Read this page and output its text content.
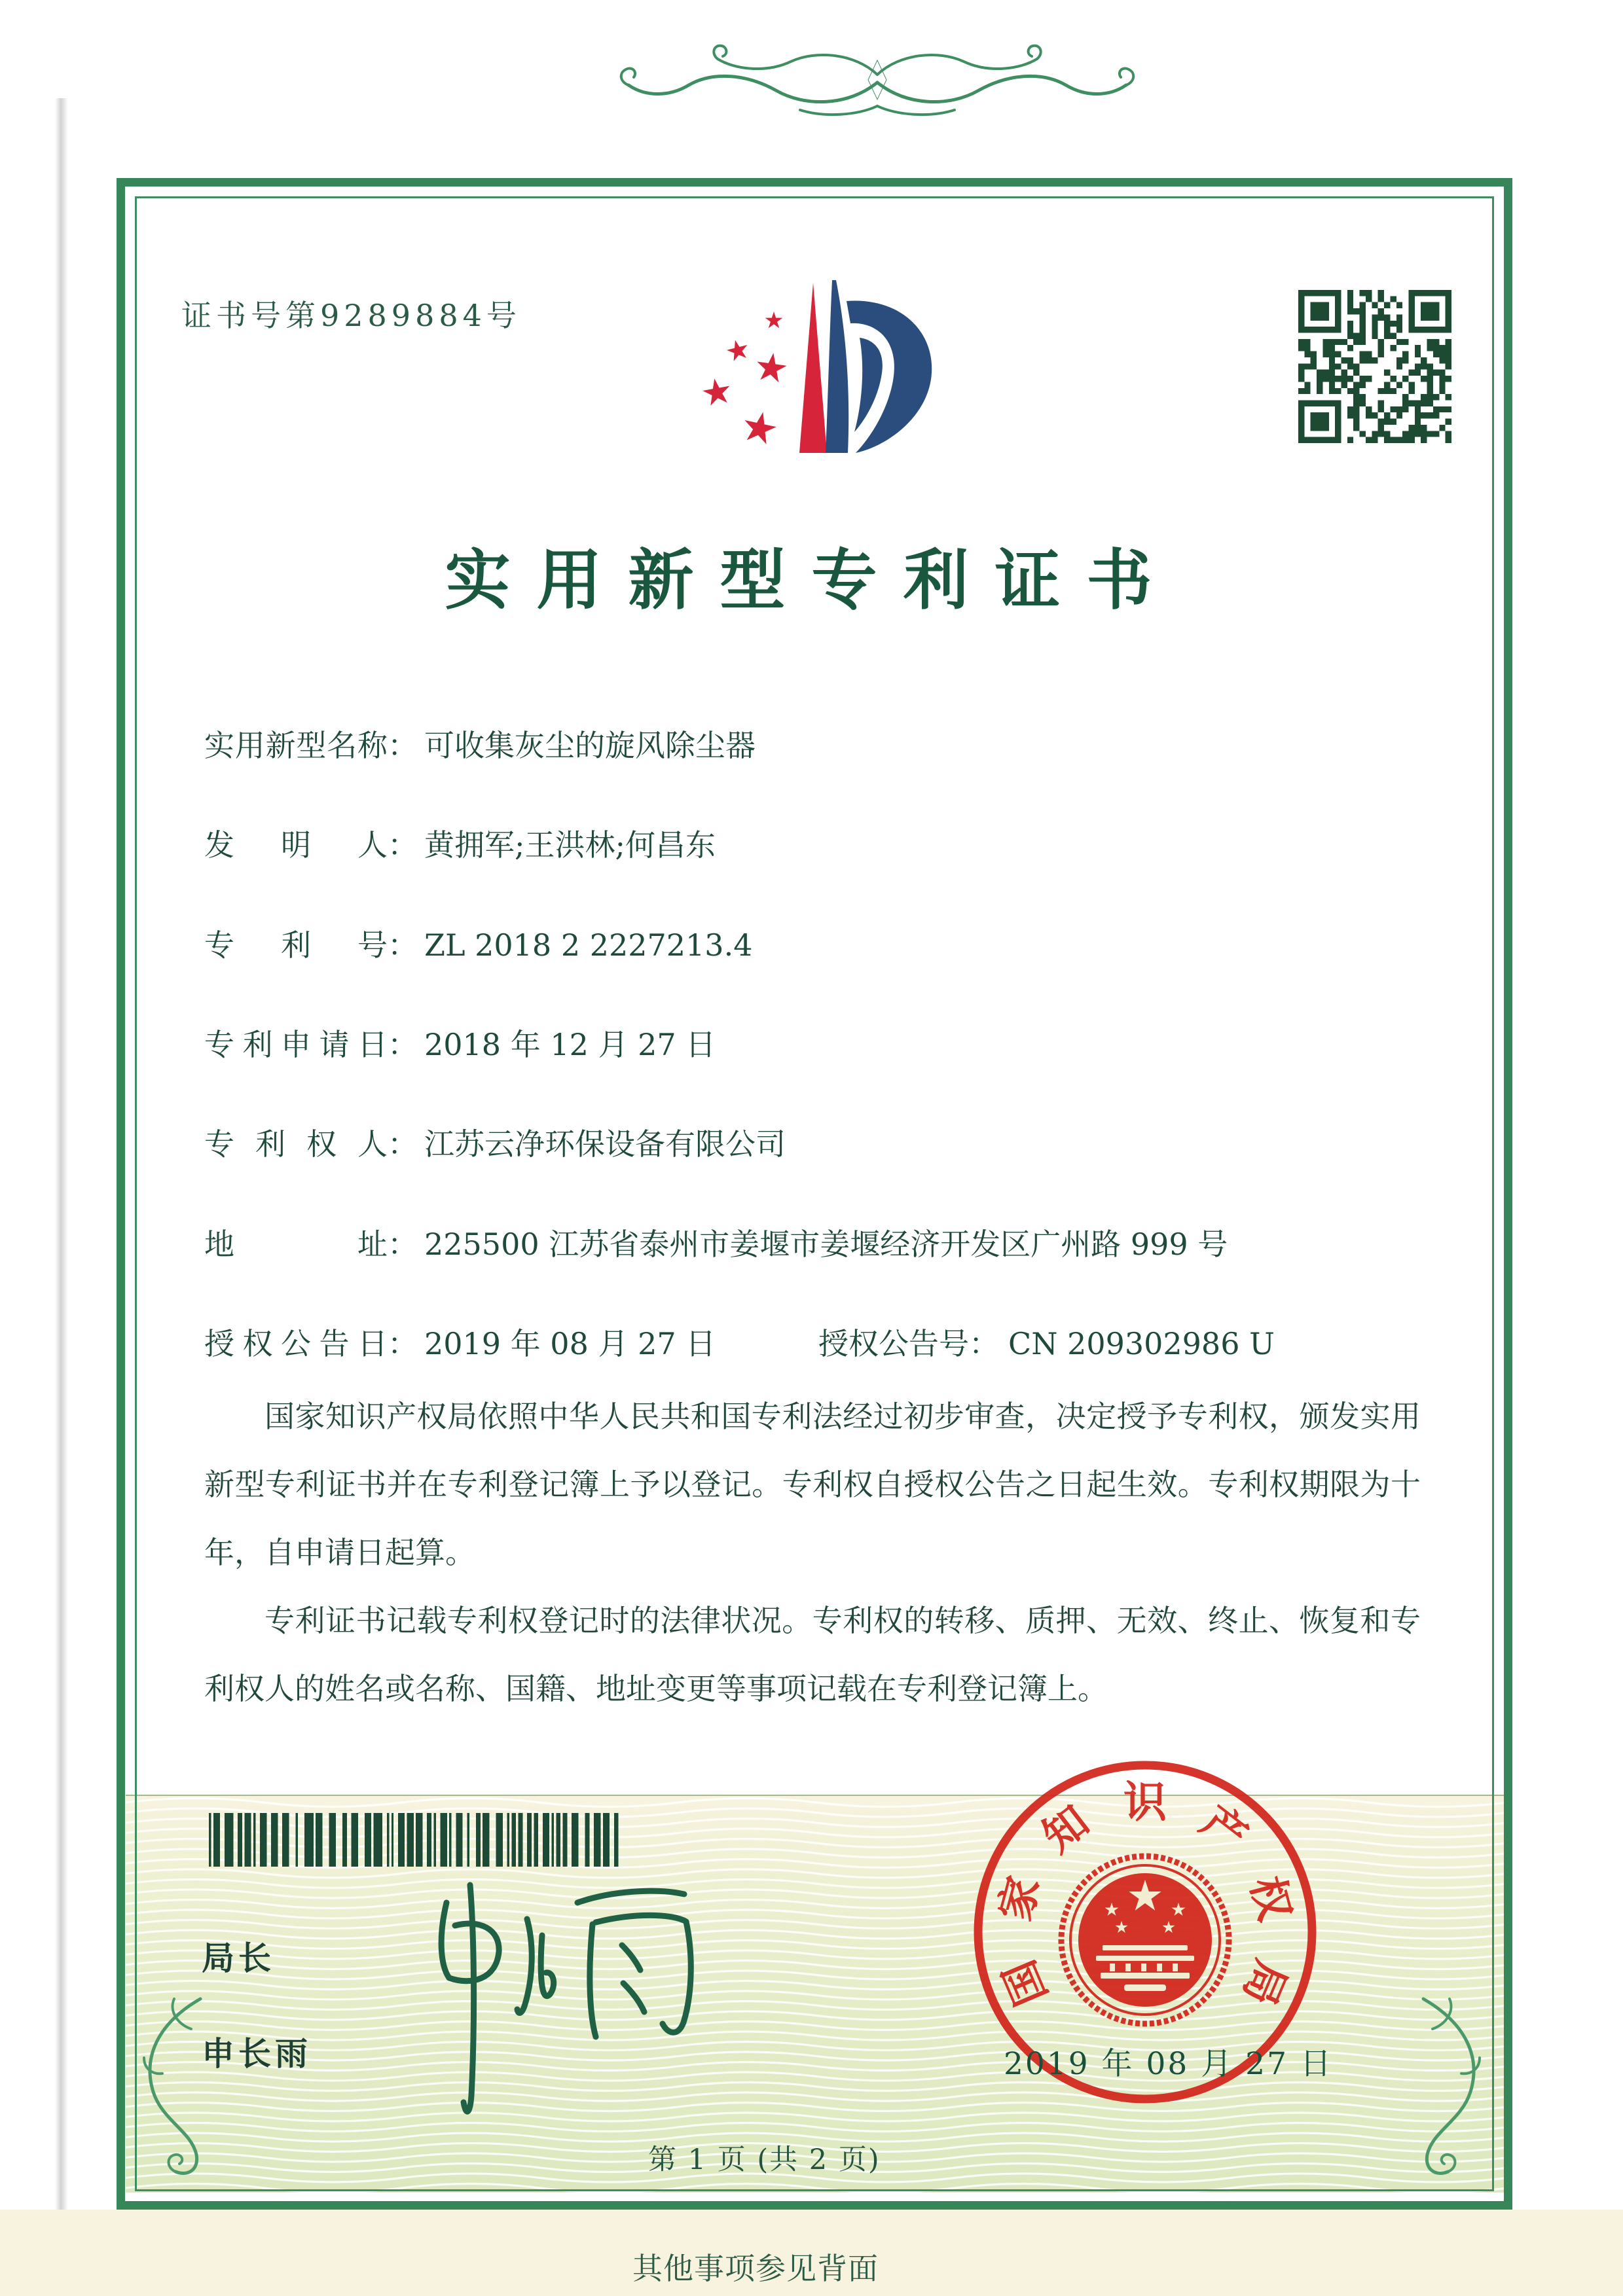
证书号第9289884号
实用新型专利证书
实用新型名称： 可收集灰尘的旋风除尘器
发明人： 黄拥军;王洪林;何昌东
专利号： ZL 2018 2 2227213.4
专利申请日： 2018 年 12 月 27 日
专利权人： 江苏云净环保设备有限公司
地址： 225500 江苏省泰州市姜堰市姜堰经济开发区广州路 999 号
授权公告日： 2019 年 08 月 27 日	授权公告号： CN 209302986 U

国家知识产权局依照中华人民共和国专利法经过初步审查，决定授予专利权，颁发实用新型专利证书并在专利登记簿上予以登记。专利权自授权公告之日起生效。专利权期限为十年，自申请日起算。

专利证书记载专利权登记时的法律状况。专利权的转移、质押、无效、终止、恢复和专利权人的姓名或名称、国籍、地址变更等事项记载在专利登记簿上。

局长
申长雨
国
家
知 识 产
权
局
2019 年 08 月 27 日
第 1 页 (共 2 页)
其他事项参见背面
